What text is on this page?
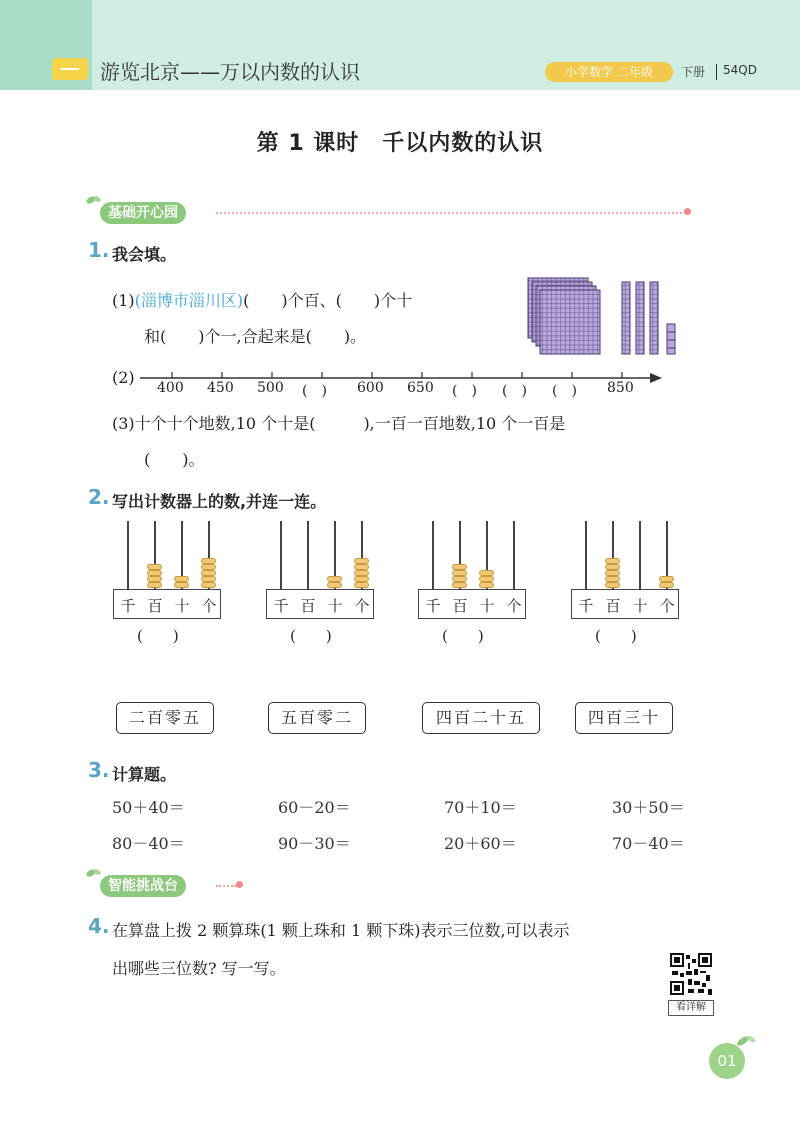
游览北京——万以内数的认识	小学数学 二年级	下册 54QD
第 1 课时　千以内数的认识
基础开心园
1. 我会填。
(1)(淄博市淄川区)(　　)个百、(　　)个十
和(　　)个一,合起来是(　　)。
(2)
400 450 500 (　) 600 650 (　) (　) (　) 850
(3)十个十个地数,10 个十是(　　　),一百一百地数,10 个一百是
(　　)。
2. 写出计数器上的数,并连一连。
千 百 十 个
(　　)
千 百 十 个
(　　)
千 百 十 个
(　　)
千 百 十 个
(　　)
二百零五	五百零二	四百二十五	四百三十
3. 计算题。
50＋40＝	60－20＝	70＋10＝	30＋50＝
80－40＝	90－30＝	20＋60＝	70－40＝
智能挑战台
4. 在算盘上拨 2 颗算珠(1 颗上珠和 1 颗下珠)表示三位数,可以表示
出哪些三位数? 写一写。
看详解
01
